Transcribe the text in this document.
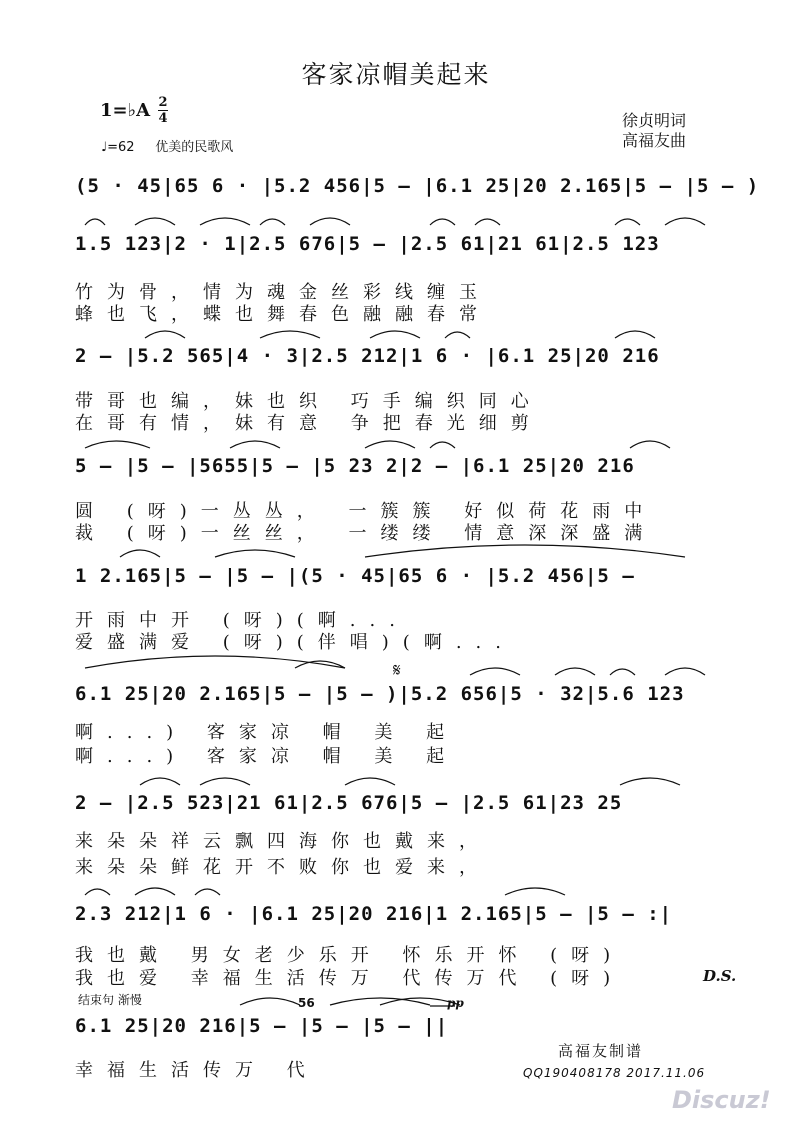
客家凉帽美起来
1=♭A 2
4
♩=62 优美的民歌风
徐贞明词
高福友曲
(5 · 45|65 6 · |5.2 456|5 – |6.1 25|20 2.165|5 – |5 – )
1.5 123|2 · 1|2.5 676|5 – |2.5 61|21 61|2.5 123
竹为骨，情为魂金丝彩线缠玉
蜂也飞，蝶也舞春色融融春常
2 – |5.2 565|4 · 3|2.5 212|1 6 · |6.1 25|20 216
带哥也编，妹也织 巧手编织同心
在哥有情，妹有意 争把春光细剪
5 – |5 – |5655|5 – |5 23 2|2 – |6.1 25|20 216
圆 (呀)一丛丛， 一簇簇 好似荷花雨中
裁 (呀)一丝丝， 一缕缕 情意深深盛满
1 2.165|5 – |5 – |(5 · 45|65 6 · |5.2 456|5 –
开雨中开 (呀)(啊...
爱盛满爱 (呀)(伴唱)(啊...
6.1 25|20 2.165|5 – |5 – )|5.2 656|5 · 32|5.6 123
啊...) 客家凉 帽 美 起
啊...) 客家凉 帽 美 起
2 – |2.5 523|21 61|2.5 676|5 – |2.5 61|23 25
来朵朵祥云飘四海你也戴来，
来朵朵鲜花开不败你也爱来，
2.3 212|1 6 · |6.1 25|20 216|1 2.165|5 – |5 – :|
我也戴 男女老少乐开 怀乐开怀 (呀)
我也爱 幸福生活传万 代传万代 (呀)	D.S.
结束句 渐慢
6.1 25|20 216|5 – |5 – |5 – ||
幸福生活传万 代
𝄋
pp
56
高福友制谱
QQ190408178 2017.11.06
Discuz!
